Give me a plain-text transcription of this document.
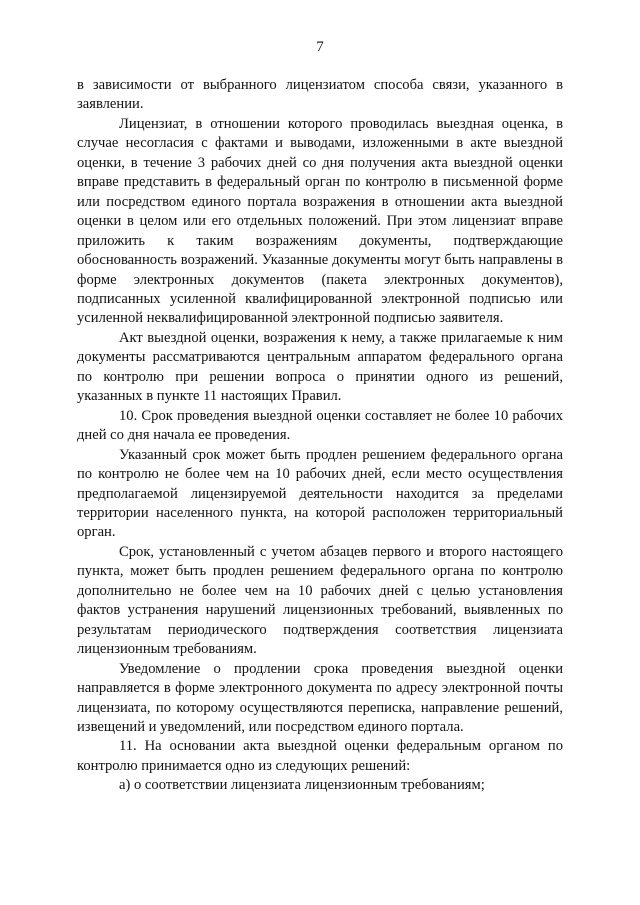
7

в зависимости от выбранного лицензиатом способа связи, указанного в заявлении.

Лицензиат, в отношении которого проводилась выездная оценка, в случае несогласия с фактами и выводами, изложенными в акте выездной оценки, в течение 3 рабочих дней со дня получения акта выездной оценки вправе представить в федеральный орган по контролю в письменной форме или посредством единого портала возражения в отношении акта выездной оценки в целом или его отдельных положений. При этом лицензиат вправе приложить к таким возражениям документы, подтверждающие обоснованность возражений. Указанные документы могут быть направлены в форме электронных документов (пакета электронных документов), подписанных усиленной квалифицированной электронной подписью или усиленной неквалифицированной электронной подписью заявителя.

Акт выездной оценки, возражения к нему, а также прилагаемые к ним документы рассматриваются центральным аппаратом федерального органа по контролю при решении вопроса о принятии одного из решений, указанных в пункте 11 настоящих Правил.

10. Срок проведения выездной оценки составляет не более 10 рабочих дней со дня начала ее проведения.

Указанный срок может быть продлен решением федерального органа по контролю не более чем на 10 рабочих дней, если место осуществления предполагаемой лицензируемой деятельности находится за пределами территории населенного пункта, на которой расположен территориальный орган.

Срок, установленный с учетом абзацев первого и второго настоящего пункта, может быть продлен решением федерального органа по контролю дополнительно не более чем на 10 рабочих дней с целью установления фактов устранения нарушений лицензионных требований, выявленных по результатам периодического подтверждения соответствия лицензиата лицензионным требованиям.

Уведомление о продлении срока проведения выездной оценки направляется в форме электронного документа по адресу электронной почты лицензиата, по которому осуществляются переписка, направление решений, извещений и уведомлений, или посредством единого портала.

11. На основании акта выездной оценки федеральным органом по контролю принимается одно из следующих решений:

а) о соответствии лицензиата лицензионным требованиям;
